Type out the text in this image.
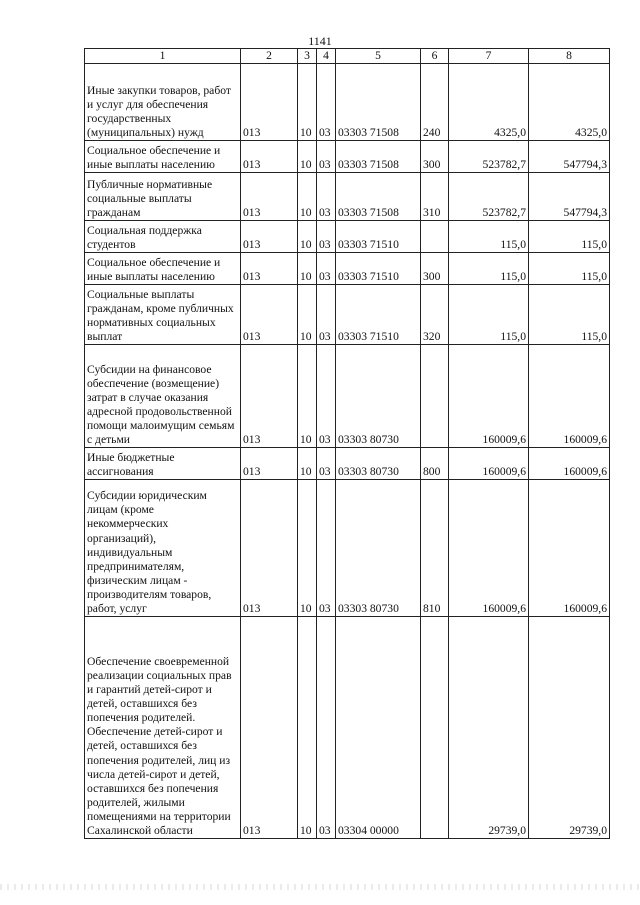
1141
1	2	3	4	5	6	7	8
Иные закупки товаров, работ и услуг для обеспечения государственных (муниципальных) нужд	013	10	03	03303 71508	240	4325,0	4325,0
Социальное обеспечение и иные выплаты населению	013	10	03	03303 71508	300	523782,7	547794,3
Публичные нормативные социальные выплаты гражданам	013	10	03	03303 71508	310	523782,7	547794,3
Социальная поддержка студентов	013	10	03	03303 71510		115,0	115,0
Социальное обеспечение и иные выплаты населению	013	10	03	03303 71510	300	115,0	115,0
Социальные выплаты гражданам, кроме публичных нормативных социальных выплат	013	10	03	03303 71510	320	115,0	115,0
Субсидии на финансовое обеспечение (возмещение) затрат в случае оказания адресной продовольственной помощи малоимущим семьям с детьми	013	10	03	03303 80730		160009,6	160009,6
Иные бюджетные ассигнования	013	10	03	03303 80730	800	160009,6	160009,6
Субсидии юридическим лицам (кроме некоммерческих организаций), индивидуальным предпринимателям, физическим лицам - производителям товаров, работ, услуг	013	10	03	03303 80730	810	160009,6	160009,6
Обеспечение своевременной реализации социальных прав и гарантий детей-сирот и детей, оставшихся без попечения родителей. Обеспечение детей-сирот и детей, оставшихся без попечения родителей, лиц из числа детей-сирот и детей, оставшихся без попечения родителей, жилыми помещениями на территории Сахалинской области	013	10	03	03304 00000		29739,0	29739,0
